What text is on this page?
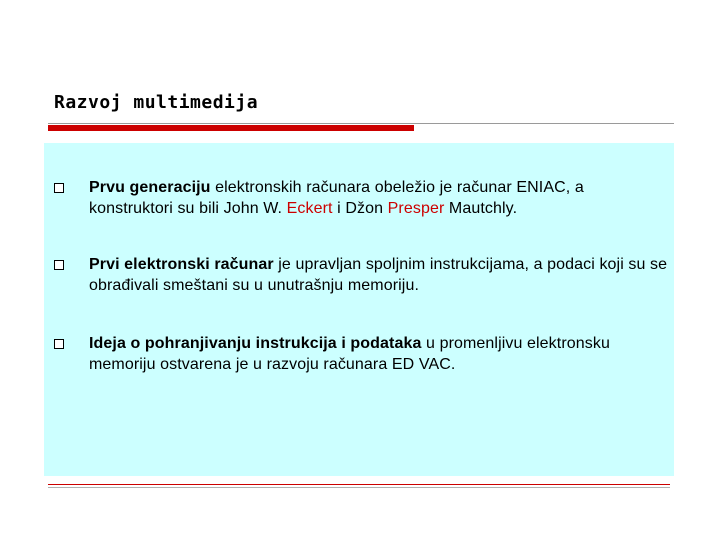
Razvoj multimedija
Prvu generaciju elektronskih računara obeležio je računar ENIAC, a konstruktori su bili John W. Eckert i Džon Presper Mautchly.
Prvi elektronski računar je upravljan spoljnim instrukcijama, a podaci koji su se obrađivali smeštani su u unutrašnju memoriju.
Ideja o pohranjivanju instrukcija i podataka u promenljivu elektronsku memoriju ostvarena je u razvoju računara ED VAC.
